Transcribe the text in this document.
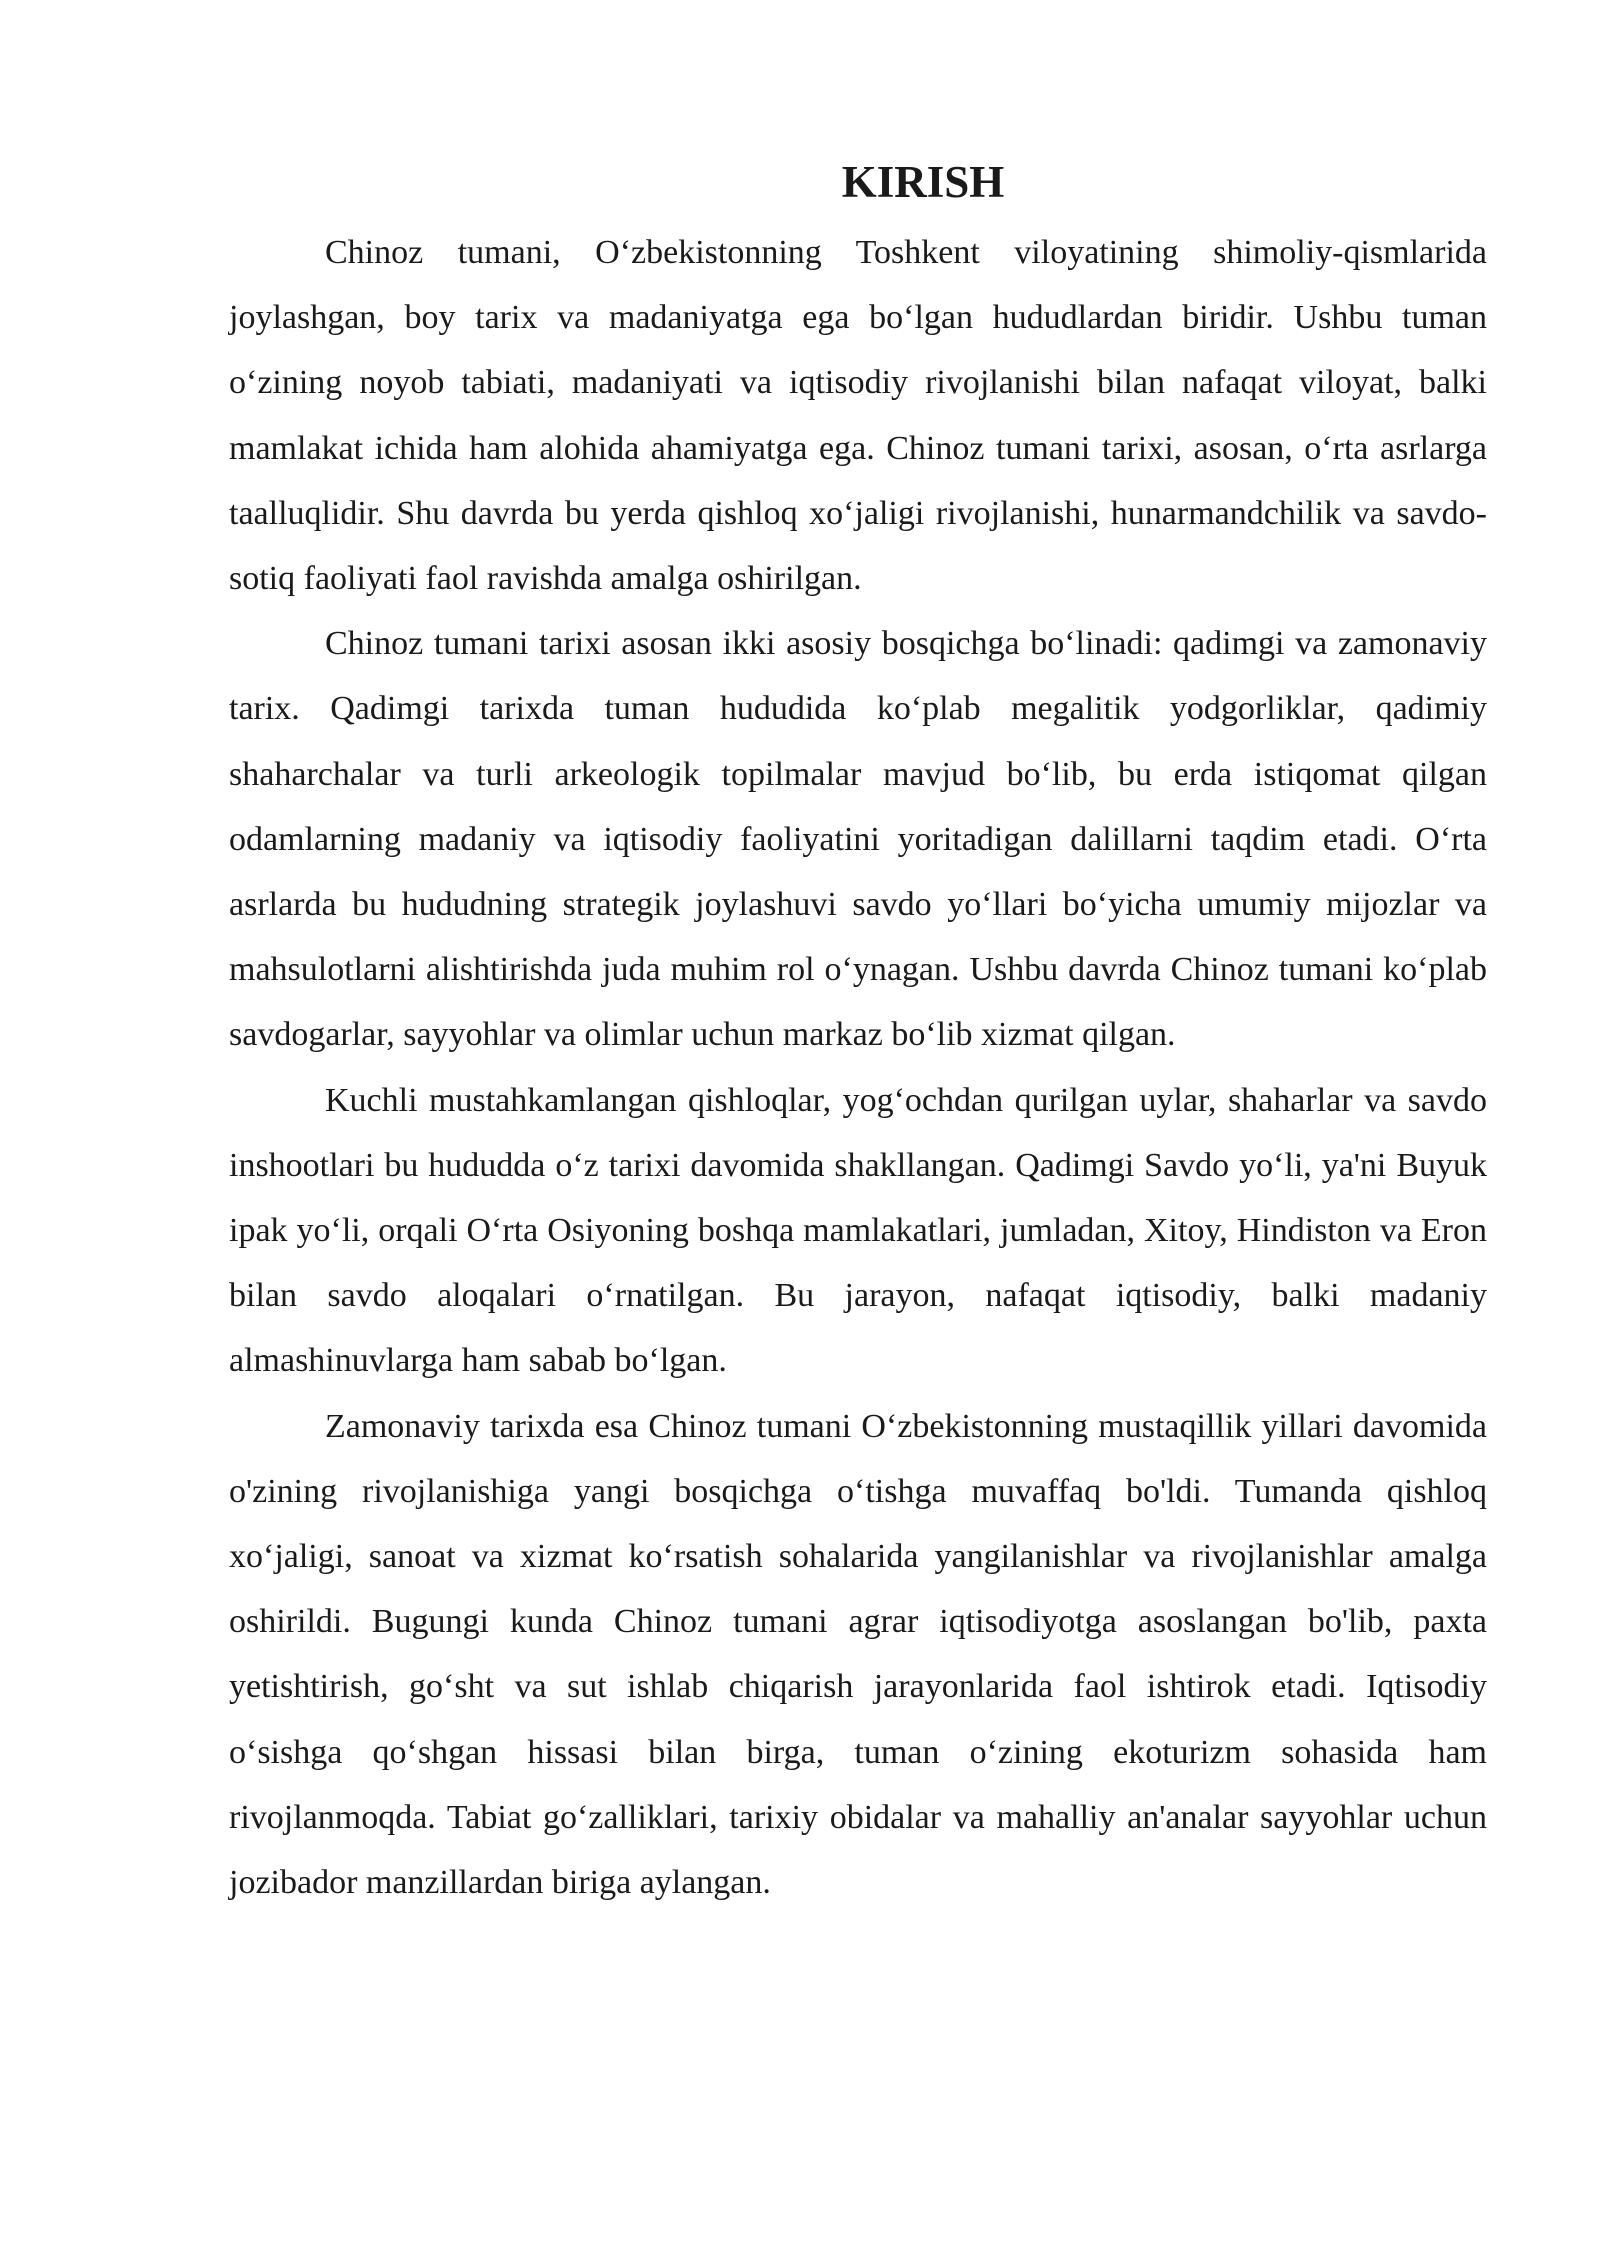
KIRISH

Chinoz tumani, O‘zbekistonning Toshkent viloyatining shimoliy-qismlarida joylashgan, boy tarix va madaniyatga ega bo‘lgan hududlardan biridir. Ushbu tuman o‘zining noyob tabiati, madaniyati va iqtisodiy rivojlanishi bilan nafaqat viloyat, balki mamlakat ichida ham alohida ahamiyatga ega. Chinoz tumani tarixi, asosan, o‘rta asrlarga taalluqlidir. Shu davrda bu yerda qishloq xo‘jaligi rivojlanishi, hunarmandchilik va savdo-sotiq faoliyati faol ravishda amalga oshirilgan.

Chinoz tumani tarixi asosan ikki asosiy bosqichga bo‘linadi: qadimgi va zamonaviy tarix. Qadimgi tarixda tuman hududida ko‘plab megalitik yodgorliklar, qadimiy shaharchalar va turli arkeologik topilmalar mavjud bo‘lib, bu erda istiqomat qilgan odamlarning madaniy va iqtisodiy faoliyatini yoritadigan dalillarni taqdim etadi. O‘rta asrlarda bu hududning strategik joylashuvi savdo yo‘llari bo‘yicha umumiy mijozlar va mahsulotlarni alishtirishda juda muhim rol o‘ynagan. Ushbu davrda Chinoz tumani ko‘plab savdogarlar, sayyohlar va olimlar uchun markaz bo‘lib xizmat qilgan.

Kuchli mustahkamlangan qishloqlar, yog‘ochdan qurilgan uylar, shaharlar va savdo inshootlari bu hududda o‘z tarixi davomida shakllangan. Qadimgi Savdo yo‘li, ya'ni Buyuk ipak yo‘li, orqali O‘rta Osiyoning boshqa mamlakatlari, jumladan, Xitoy, Hindiston va Eron bilan savdo aloqalari o‘rnatilgan. Bu jarayon, nafaqat iqtisodiy, balki madaniy almashinuvlarga ham sabab bo‘lgan.

Zamonaviy tarixda esa Chinoz tumani O‘zbekistonning mustaqillik yillari davomida o'zining rivojlanishiga yangi bosqichga o‘tishga muvaffaq bo'ldi. Tumanda qishloq xo‘jaligi, sanoat va xizmat ko‘rsatish sohalarida yangilanishlar va rivojlanishlar amalga oshirildi. Bugungi kunda Chinoz tumani agrar iqtisodiyotga asoslangan bo'lib, paxta yetishtirish, go‘sht va sut ishlab chiqarish jarayonlarida faol ishtirok etadi. Iqtisodiy o‘sishga qo‘shgan hissasi bilan birga, tuman o‘zining ekoturizm sohasida ham rivojlanmoqda. Tabiat go‘zalliklari, tarixiy obidalar va mahalliy an'analar sayyohlar uchun jozibador manzillardan biriga aylangan.
